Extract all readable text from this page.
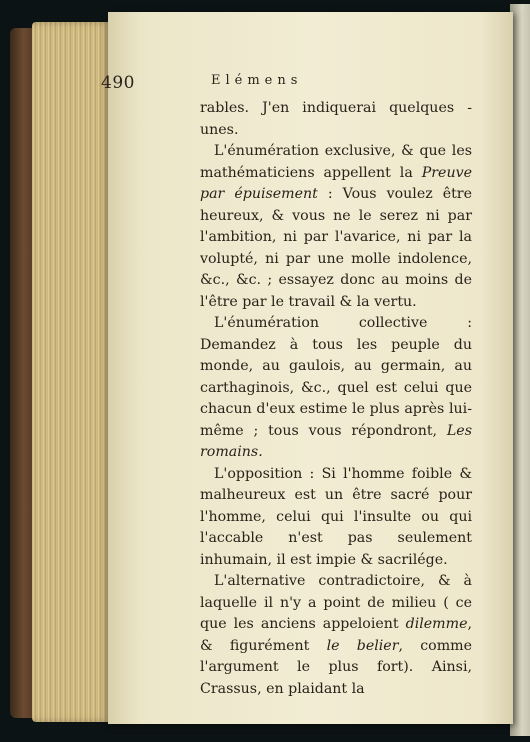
490	Elémens

rables. J'en indiquerai quelques - unes.

L'énumération exclusive, & que les mathématiciens appellent la Preuve par épuisement : Vous voulez être heureux, & vous ne le serez ni par l'ambition, ni par l'avarice, ni par la volupté, ni par une molle indolence, &c., &c. ; essayez donc au moins de l'être par le travail & la vertu.

L'énumération collective : Demandez à tous les peuple du monde, au gaulois, au germain, au carthaginois, &c., quel est celui que chacun d'eux estime le plus après lui-même ; tous vous répondront, Les romains.

L'opposition : Si l'homme foible & malheureux est un être sacré pour l'homme, celui qui l'insulte ou qui l'accable n'est pas seulement inhumain, il est impie & sacrilége.

L'alternative contradictoire, & à laquelle il n'y a point de milieu ( ce que les anciens appeloient dilemme, & figurément le belier, comme l'argument le plus fort). Ainsi, Crassus, en plaidant la
